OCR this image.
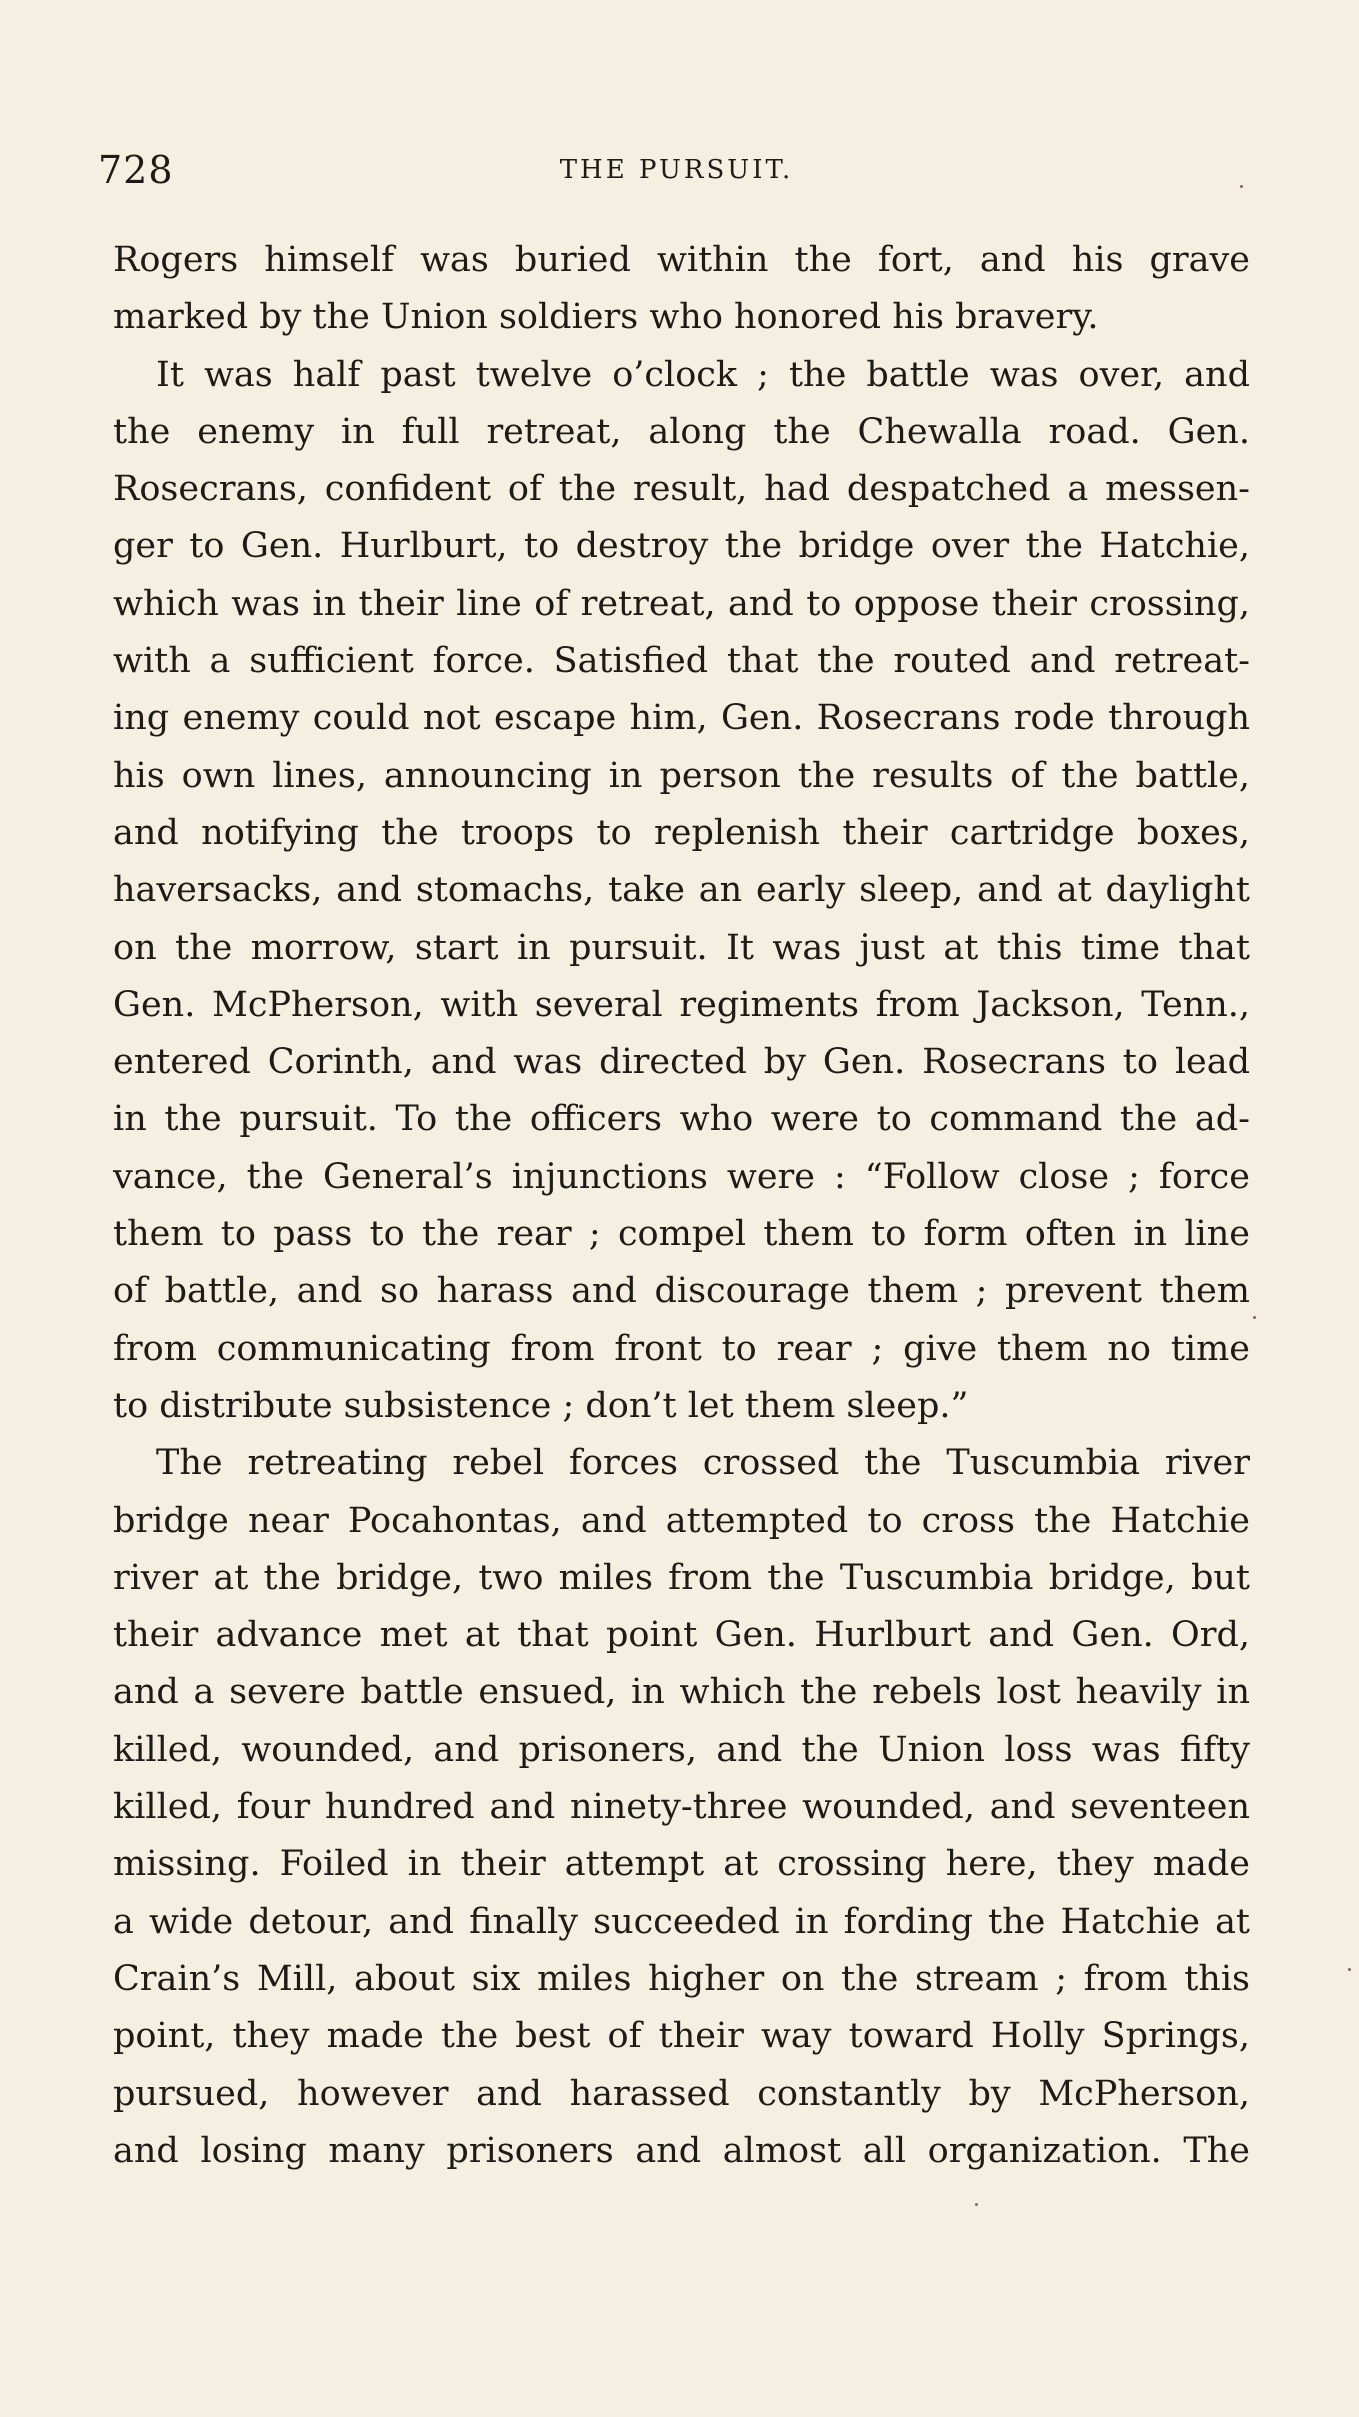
728	THE PURSUIT.
Rogers himself was buried within the fort, and his grave
marked by the Union soldiers who honored his bravery.
It was half past twelve o’clock ; the battle was over, and
the enemy in full retreat, along the Chewalla road. Gen.
Rosecrans, confident of the result, had despatched a messen-
ger to Gen. Hurlburt, to destroy the bridge over the Hatchie,
which was in their line of retreat, and to oppose their crossing,
with a sufficient force. Satisfied that the routed and retreat-
ing enemy could not escape him, Gen. Rosecrans rode through
his own lines, announcing in person the results of the battle,
and notifying the troops to replenish their cartridge boxes,
haversacks, and stomachs, take an early sleep, and at daylight
on the morrow, start in pursuit. It was just at this time that
Gen. McPherson, with several regiments from Jackson, Tenn.,
entered Corinth, and was directed by Gen. Rosecrans to lead
in the pursuit. To the officers who were to command the ad-
vance, the General’s injunctions were : “Follow close ; force
them to pass to the rear ; compel them to form often in line
of battle, and so harass and discourage them ; prevent them
from communicating from front to rear ; give them no time
to distribute subsistence ; don’t let them sleep.”
The retreating rebel forces crossed the Tuscumbia river
bridge near Pocahontas, and attempted to cross the Hatchie
river at the bridge, two miles from the Tuscumbia bridge, but
their advance met at that point Gen. Hurlburt and Gen. Ord,
and a severe battle ensued, in which the rebels lost heavily in
killed, wounded, and prisoners, and the Union loss was fifty
killed, four hundred and ninety-three wounded, and seventeen
missing. Foiled in their attempt at crossing here, they made
a wide detour, and finally succeeded in fording the Hatchie at
Crain’s Mill, about six miles higher on the stream ; from this
point, they made the best of their way toward Holly Springs,
pursued, however and harassed constantly by McPherson,
and losing many prisoners and almost all organization. The
